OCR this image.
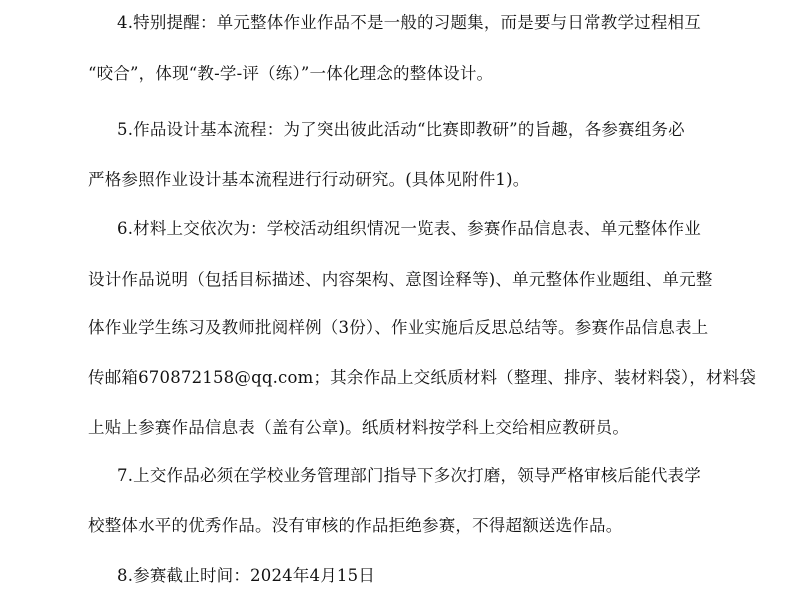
4.特别提醒：单元整体作业作品不是一般的习题集，而是要与日常教学过程相互
“咬合”，体现“教-学-评（练）”一体化理念的整体设计。
5.作品设计基本流程：为了突出彼此活动“比赛即教研”的旨趣，各参赛组务必
严格参照作业设计基本流程进行行动研究。(具体见附件1)。
6.材料上交依次为：学校活动组织情况一览表、参赛作品信息表、单元整体作业
设计作品说明（包括目标描述、内容架构、意图诠释等)、单元整体作业题组、单元整
体作业学生练习及教师批阅样例（3份）、作业实施后反思总结等。参赛作品信息表上
传邮箱670872158@qq.com；其余作品上交纸质材料（整理、排序、装材料袋），材料袋
上贴上参赛作品信息表（盖有公章)。纸质材料按学科上交给相应教研员。
7.上交作品必须在学校业务管理部门指导下多次打磨，领导严格审核后能代表学
校整体水平的优秀作品。没有审核的作品拒绝参赛，不得超额送选作品。
8.参赛截止时间：2024年4月15日
